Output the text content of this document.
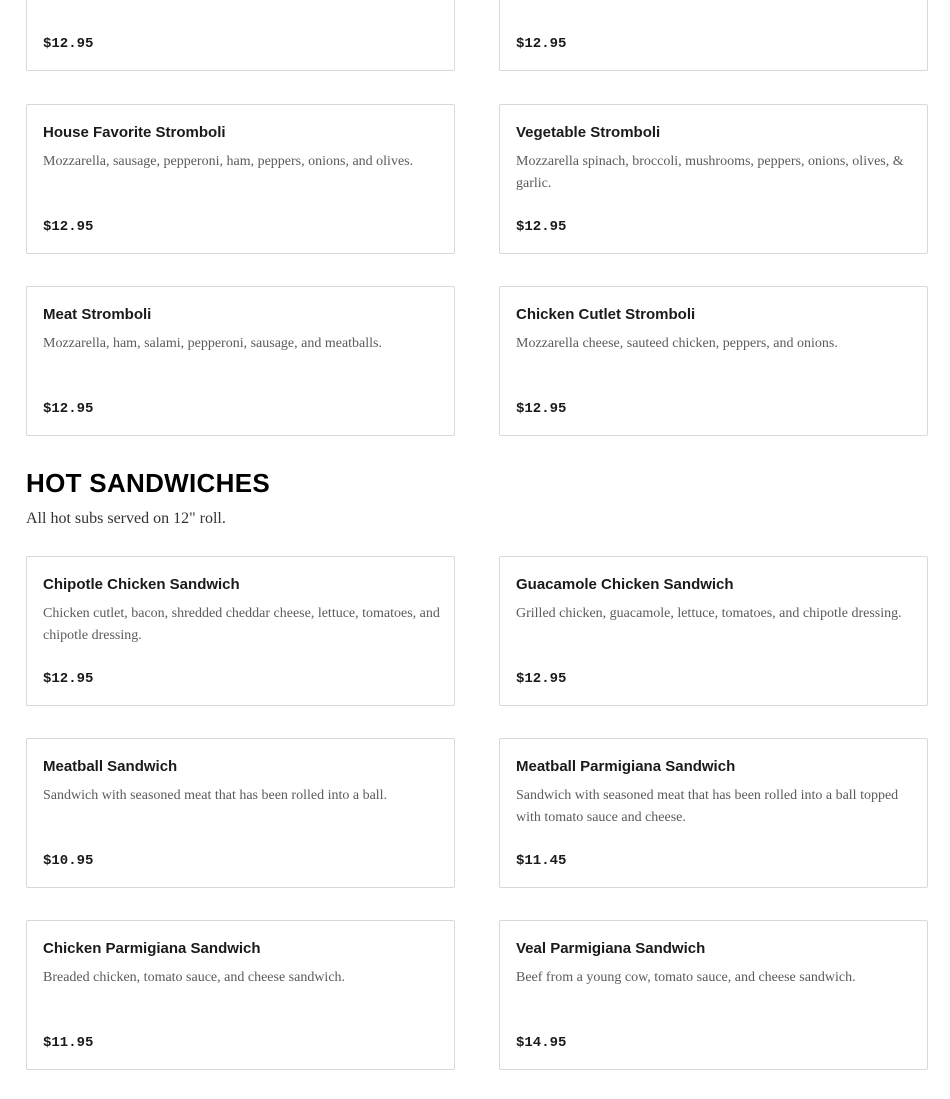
$12.95	$12.95
House Favorite Stromboli
Mozzarella, sausage, pepperoni, ham, peppers, onions, and olives.
$12.95
Vegetable Stromboli
Mozzarella spinach, broccoli, mushrooms, peppers, onions, olives, & garlic.
$12.95
Meat Stromboli
Mozzarella, ham, salami, pepperoni, sausage, and meatballs.
$12.95
Chicken Cutlet Stromboli
Mozzarella cheese, sauteed chicken, peppers, and onions.
$12.95
HOT SANDWICHES
All hot subs served on 12" roll.
Chipotle Chicken Sandwich
Chicken cutlet, bacon, shredded cheddar cheese, lettuce, tomatoes, and chipotle dressing.
$12.95
Guacamole Chicken Sandwich
Grilled chicken, guacamole, lettuce, tomatoes, and chipotle dressing.
$12.95
Meatball Sandwich
Sandwich with seasoned meat that has been rolled into a ball.
$10.95
Meatball Parmigiana Sandwich
Sandwich with seasoned meat that has been rolled into a ball topped with tomato sauce and cheese.
$11.45
Chicken Parmigiana Sandwich
Breaded chicken, tomato sauce, and cheese sandwich.
$11.95
Veal Parmigiana Sandwich
Beef from a young cow, tomato sauce, and cheese sandwich.
$14.95
